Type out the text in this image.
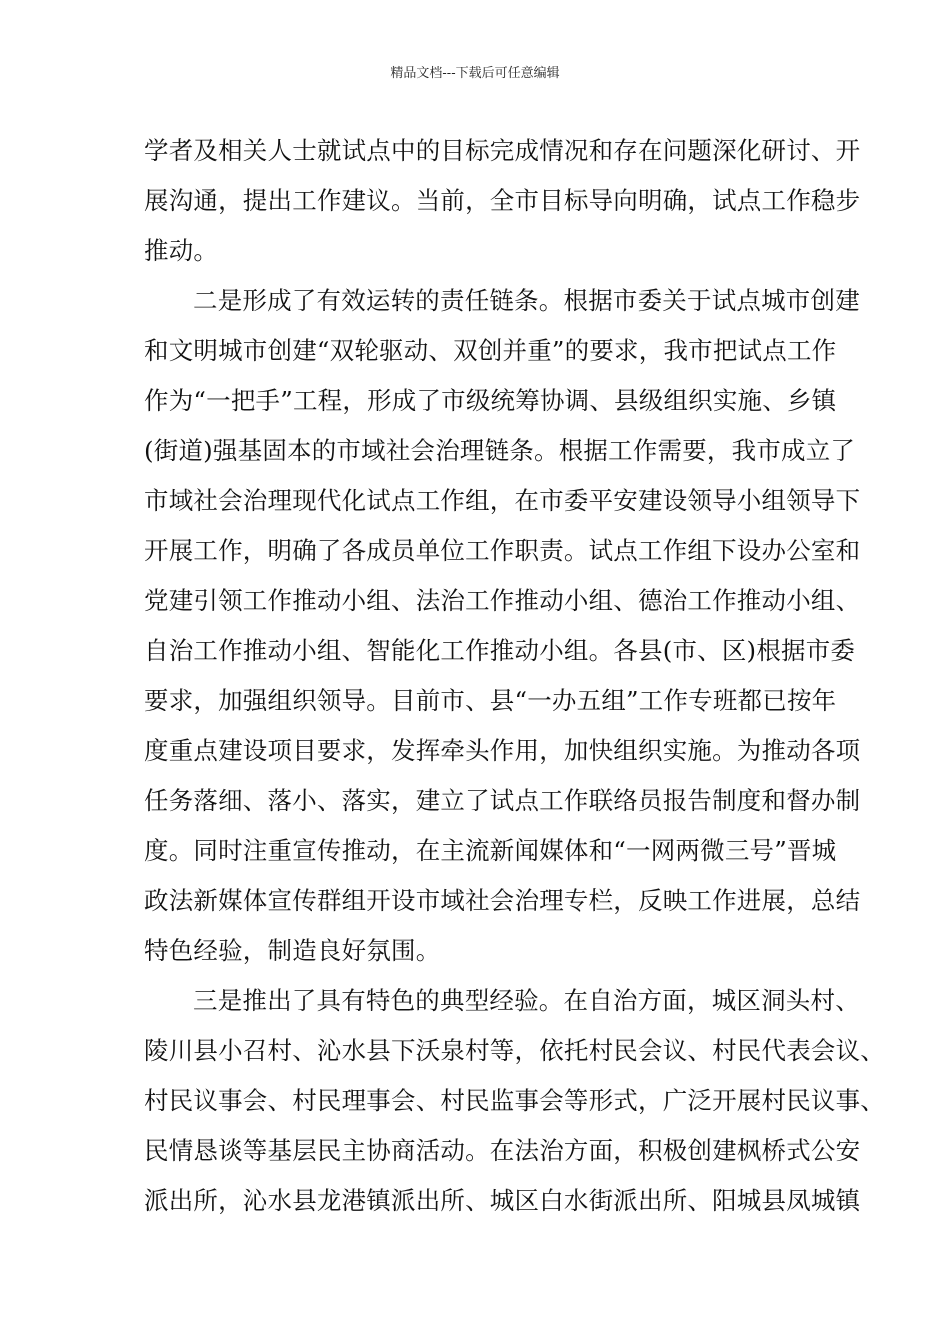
精品文档---下载后可任意编辑
学者及相关人士就试点中的目标完成情况和存在问题深化研讨、开
展沟通，提出工作建议。当前，全市目标导向明确，试点工作稳步
推动。
二是形成了有效运转的责任链条。根据市委关于试点城市创建
和文明城市创建“双轮驱动、双创并重”的要求，我市把试点工作
作为“一把手”工程，形成了市级统筹协调、县级组织实施、乡镇
(街道)强基固本的市域社会治理链条。根据工作需要，我市成立了
市域社会治理现代化试点工作组，在市委平安建设领导小组领导下
开展工作，明确了各成员单位工作职责。试点工作组下设办公室和
党建引领工作推动小组、法治工作推动小组、德治工作推动小组、
自治工作推动小组、智能化工作推动小组。各县(市、区)根据市委
要求，加强组织领导。目前市、县“一办五组”工作专班都已按年
度重点建设项目要求，发挥牵头作用，加快组织实施。为推动各项
任务落细、落小、落实，建立了试点工作联络员报告制度和督办制
度。同时注重宣传推动，在主流新闻媒体和“一网两微三号”晋城
政法新媒体宣传群组开设市域社会治理专栏，反映工作进展，总结
特色经验，制造良好氛围。
三是推出了具有特色的典型经验。在自治方面，城区洞头村、
陵川县小召村、沁水县下沃泉村等，依托村民会议、村民代表会议、
村民议事会、村民理事会、村民监事会等形式，广泛开展村民议事、
民情恳谈等基层民主协商活动。在法治方面，积极创建枫桥式公安
派出所，沁水县龙港镇派出所、城区白水街派出所、阳城县凤城镇
